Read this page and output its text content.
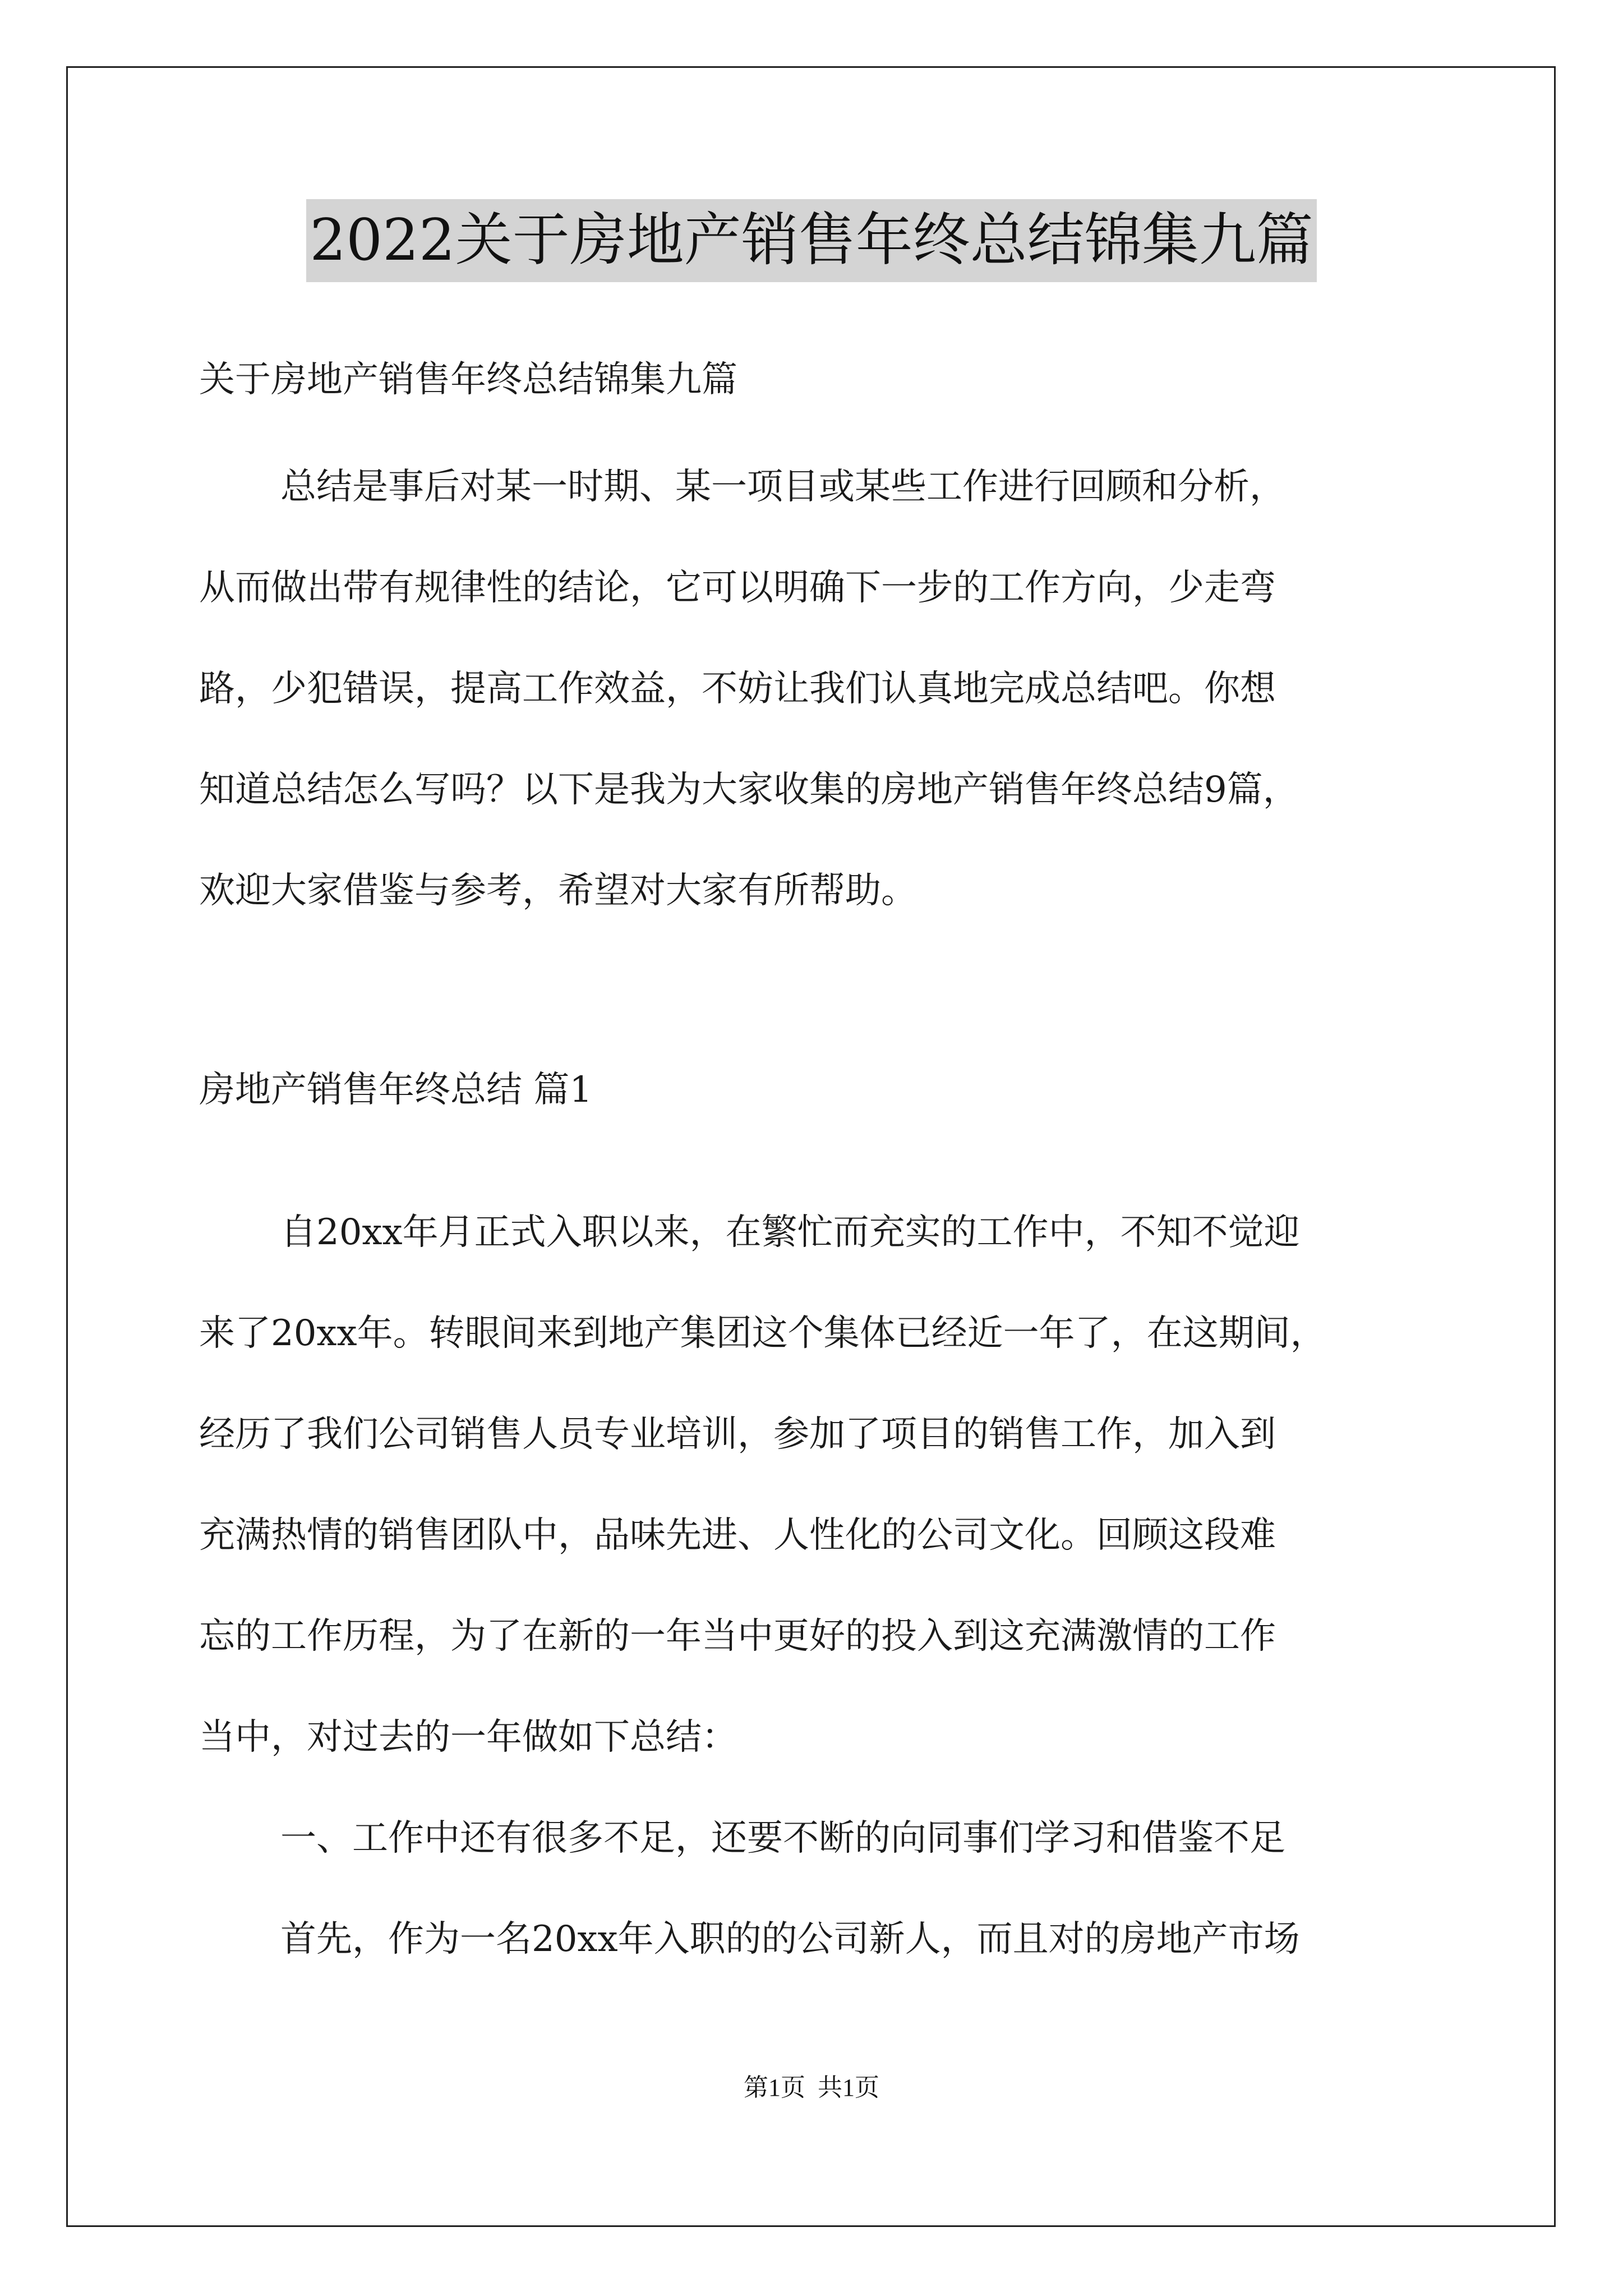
2022关于房地产销售年终总结锦集九篇
关于房地产销售年终总结锦集九篇
总结是事后对某一时期、某一项目或某些工作进行回顾和分析，
从而做出带有规律性的结论，它可以明确下一步的工作方向，少走弯
路，少犯错误，提高工作效益，不妨让我们认真地完成总结吧。你想
知道总结怎么写吗？以下是我为大家收集的房地产销售年终总结9篇，
欢迎大家借鉴与参考，希望对大家有所帮助。
房地产销售年终总结 篇1
自20xx年月正式入职以来，在繁忙而充实的工作中，不知不觉迎
来了20xx年。转眼间来到地产集团这个集体已经近一年了，在这期间，
经历了我们公司销售人员专业培训，参加了项目的销售工作，加入到
充满热情的销售团队中，品味先进、人性化的公司文化。回顾这段难
忘的工作历程，为了在新的一年当中更好的投入到这充满激情的工作
当中，对过去的一年做如下总结：
一、工作中还有很多不足，还要不断的向同事们学习和借鉴不足
首先，作为一名20xx年入职的的公司新人，而且对的房地产市场
第1页  共1页
